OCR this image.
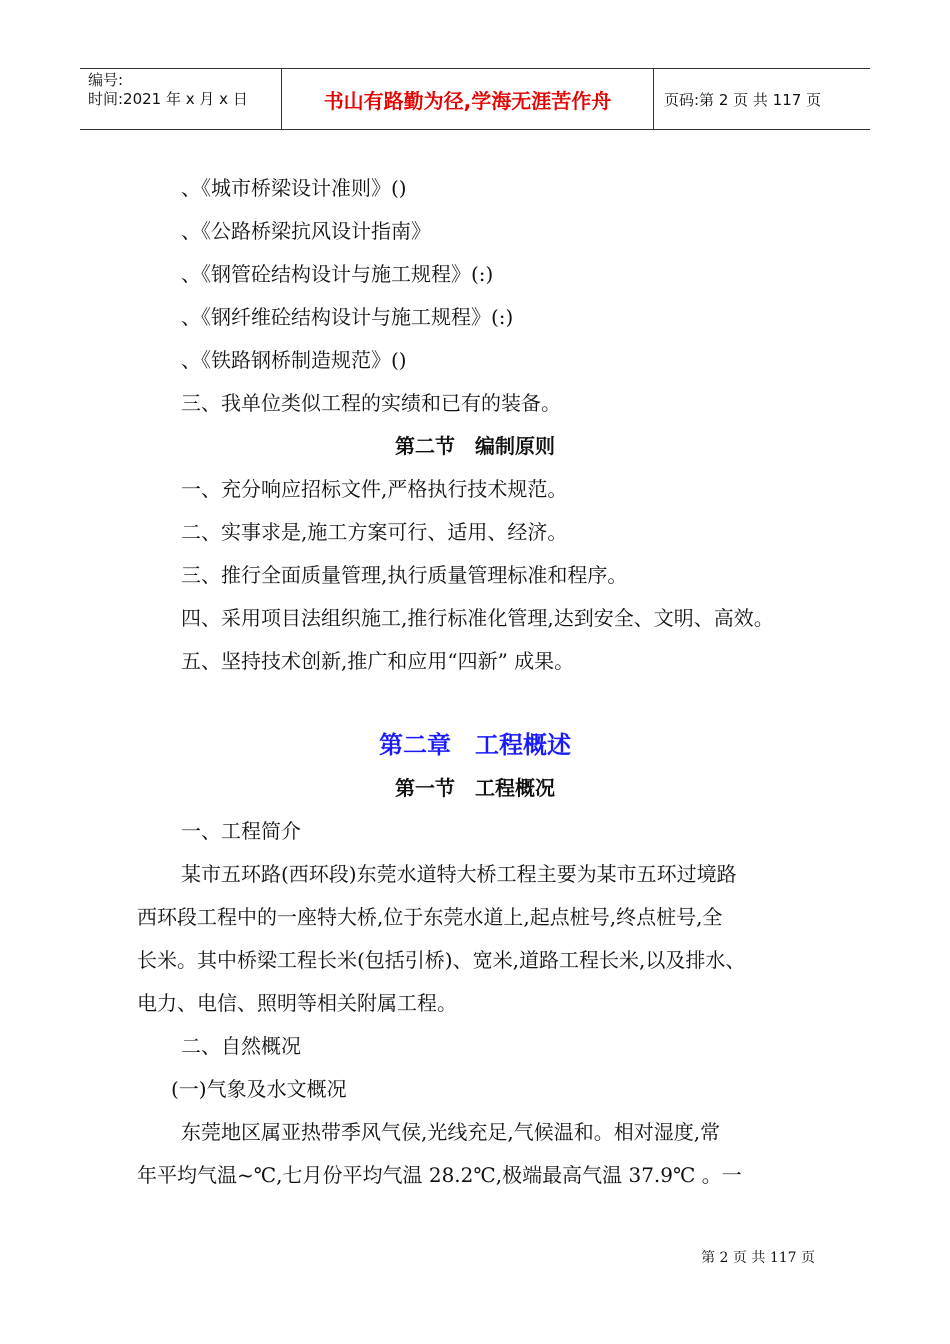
编号:
时间:2021 年 x 月 x 日	书山有路勤为径,学海无涯苦作舟	页码:第 2 页 共 117 页
、《城市桥梁设计准则》()
、《公路桥梁抗风设计指南》
、《钢管砼结构设计与施工规程》(:)
、《钢纤维砼结构设计与施工规程》(:)
、《铁路钢桥制造规范》()
三、我单位类似工程的实绩和已有的装备。
第二节　编制原则
一、充分响应招标文件,严格执行技术规范。
二、实事求是,施工方案可行、适用、经济。
三、推行全面质量管理,执行质量管理标准和程序。
四、采用项目法组织施工,推行标准化管理,达到安全、文明、高效。
五、坚持技术创新,推广和应用“四新” 成果。
第二章　工程概述
第一节　工程概况
一、工程简介
某市五环路(西环段)东莞水道特大桥工程主要为某市五环过境路
西环段工程中的一座特大桥,位于东莞水道上,起点桩号,终点桩号,全
长米。其中桥梁工程长米(包括引桥)、宽米,道路工程长米,以及排水、
电力、电信、照明等相关附属工程。
二、自然概况
(一)气象及水文概况
东莞地区属亚热带季风气侯,光线充足,气候温和。相对湿度,常
年平均气温~℃,七月份平均气温 28.2℃,极端最高气温 37.9℃ 。一
第 2 页 共 117 页
